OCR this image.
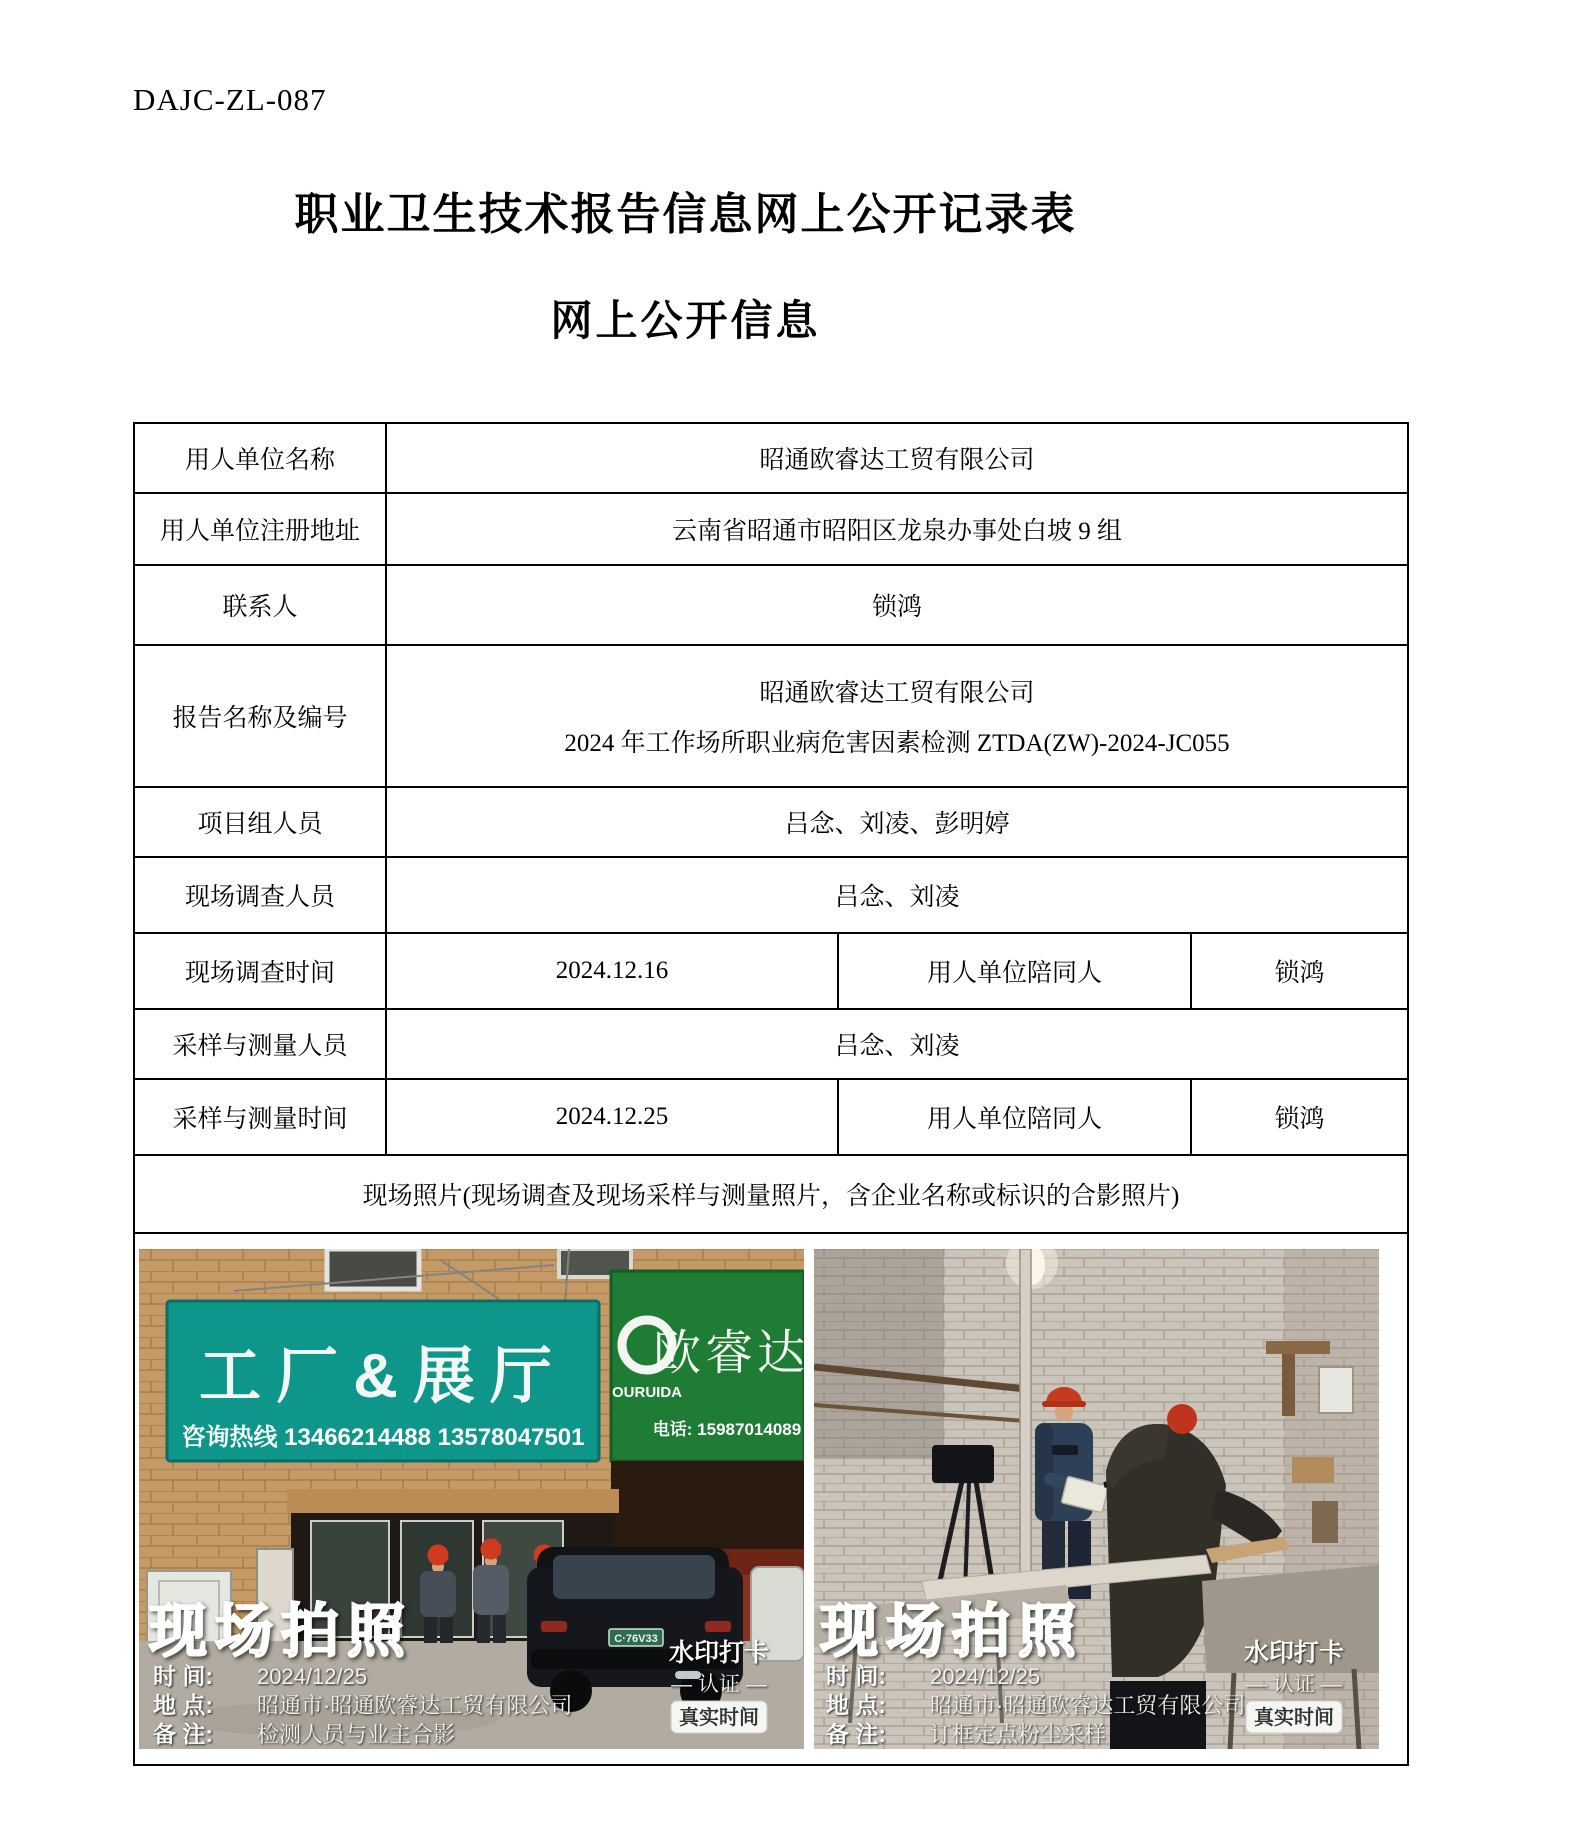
DAJC-ZL-087
职业卫生技术报告信息网上公开记录表
网上公开信息
用人单位名称	昭通欧睿达工贸有限公司		
用人单位注册地址	云南省昭通市昭阳区龙泉办事处白坡 9 组		
联系人	锁鸿		
报告名称及编号	昭通欧睿达工贸有限公司
2024 年工作场所职业病危害因素检测 ZTDA(ZW)-2024-JC055		

项目组人员	吕念、刘凌、彭明婷		
现场调查人员	吕念、刘凌		
现场调查时间	2024.12.16	用人单位陪同人	锁鸿
采样与测量人员	吕念、刘凌		
采样与测量时间	2024.12.25	用人单位陪同人	锁鸿
现场照片(现场调查及现场采样与测量照片，含企业名称或标识的合影照片)			

工厂&展厅
咨询热线 13466214488 13578047501
OURUIDA
欧睿达
电话: 15987014089
C·76V33
现场拍照
时 间: 2024/12/25
地 点: 昭通市·昭通欧睿达工贸有限公司
备 注: 检测人员与业主合影
水印打卡
— 认证 —
真实时间
现场拍照
时 间: 2024/12/25
地 点: 昭通市·昭通欧睿达工贸有限公司
备 注: 订框定点粉尘采样
水印打卡
— 认证 —
真实时间
